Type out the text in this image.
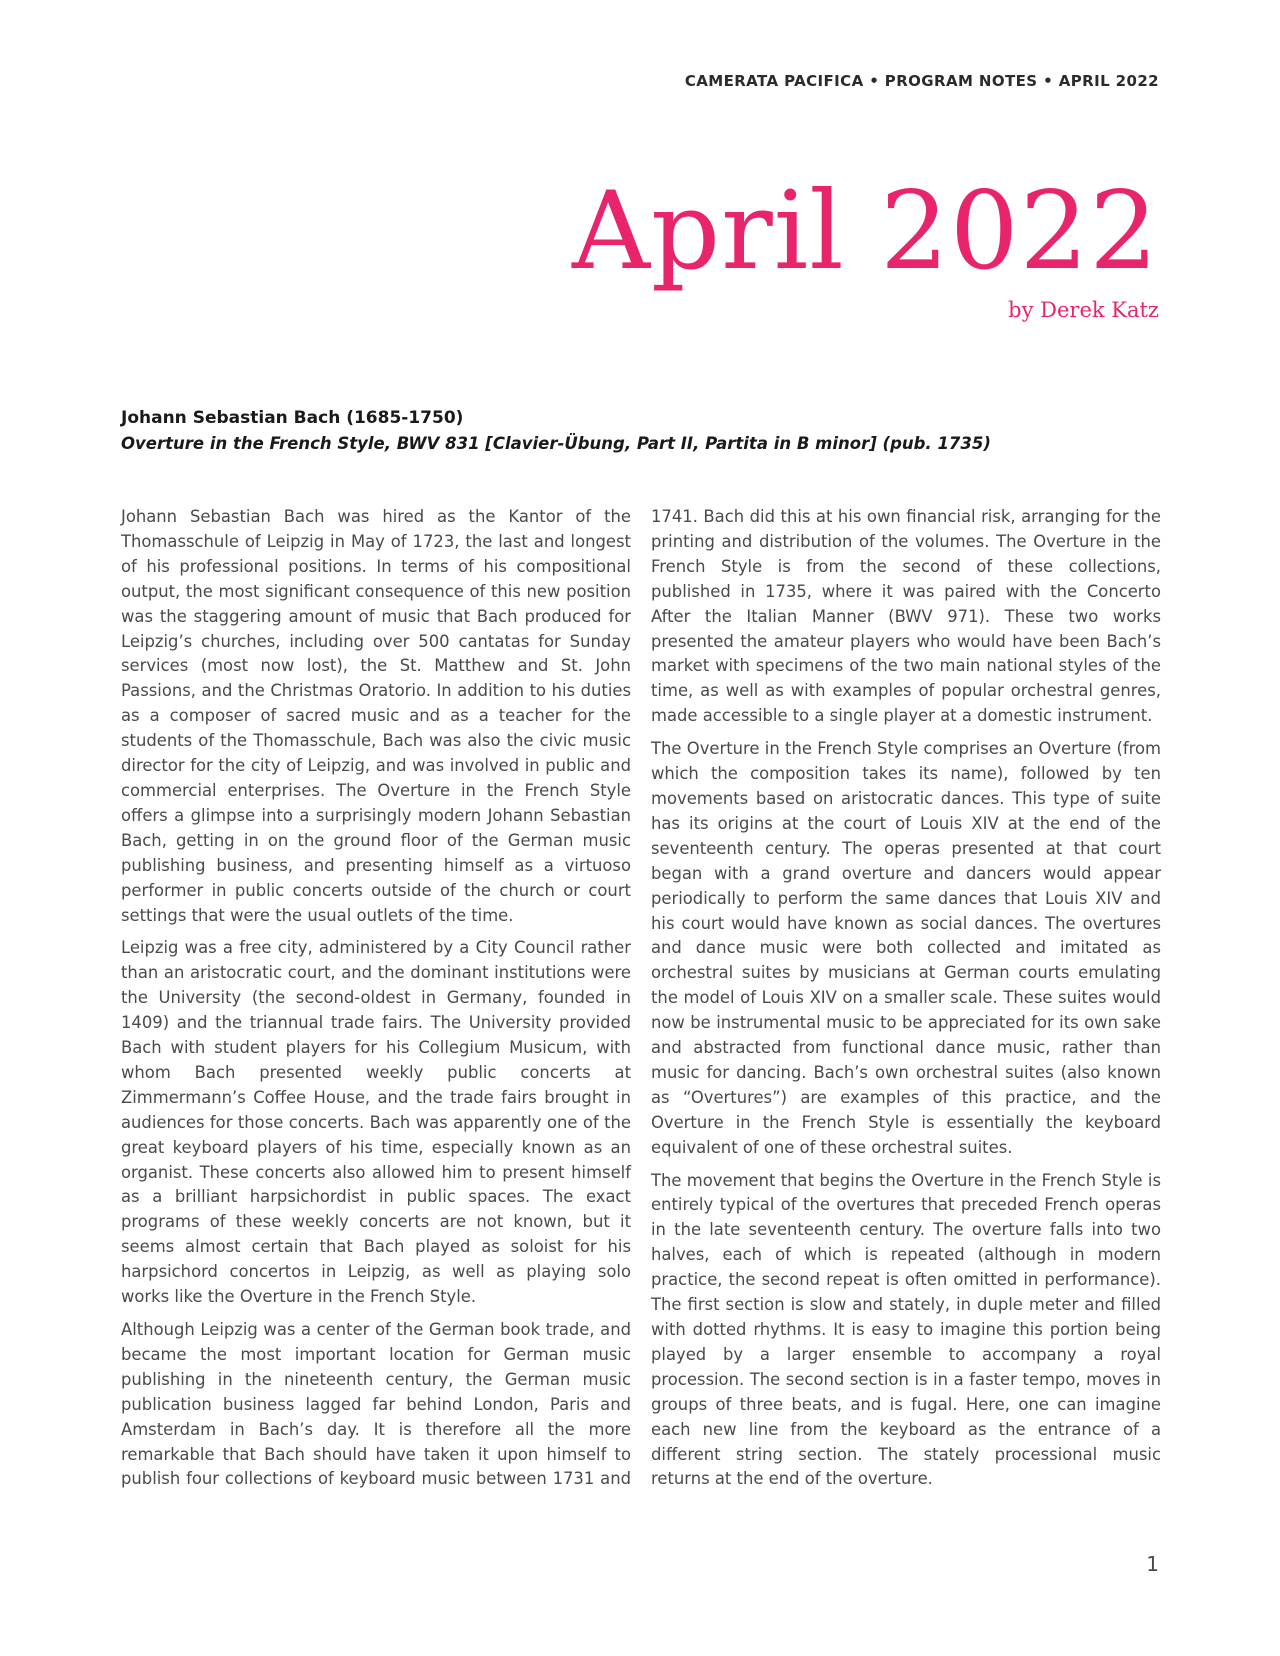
CAMERATA PACIFICA • PROGRAM NOTES • APRIL 2022
April 2022
by Derek Katz
Johann Sebastian Bach (1685-1750)
Overture in the French Style, BWV 831 [Clavier-Übung, Part II, Partita in B minor] (pub. 1735)

Johann Sebastian Bach was hired as the Kantor of the Thomasschule of Leipzig in May of 1723, the last and longest of his professional positions. In terms of his compositional output, the most significant consequence of this new position was the staggering amount of music that Bach produced for Leipzig’s churches, including over 500 cantatas for Sunday services (most now lost), the St. Matthew and St. John Passions, and the Christmas Oratorio. In addition to his duties as a composer of sacred music and as a teacher for the students of the Thomasschule, Bach was also the civic music director for the city of Leipzig, and was involved in public and commercial enterprises. The Overture in the French Style offers a glimpse into a surprisingly modern Johann Sebastian Bach, getting in on the ground floor of the German music publishing business, and presenting himself as a virtuoso performer in public concerts outside of the church or court settings that were the usual outlets of the time.

Leipzig was a free city, administered by a City Council rather than an aristocratic court, and the dominant institutions were the University (the second-oldest in Germany, founded in 1409) and the triannual trade fairs. The University provided Bach with student players for his Collegium Musicum, with whom Bach presented weekly public concerts at Zimmermann’s Coffee House, and the trade fairs brought in audiences for those concerts. Bach was apparently one of the great keyboard players of his time, especially known as an organist. These concerts also allowed him to present himself as a brilliant harpsichordist in public spaces. The exact programs of these weekly concerts are not known, but it seems almost certain that Bach played as soloist for his harpsichord concertos in Leipzig, as well as playing solo works like the Overture in the French Style.

Although Leipzig was a center of the German book trade, and became the most important location for German music publishing in the nineteenth century, the German music publication business lagged far behind London, Paris and Amsterdam in Bach’s day. It is therefore all the more remarkable that Bach should have taken it upon himself to publish four collections of keyboard music between 1731 and 1741. Bach did this at his own financial risk, arranging for the printing and distribution of the volumes. The Overture in the French Style is from the second of these collections, published in 1735, where it was paired with the Concerto After the Italian Manner (BWV 971). These two works presented the amateur players who would have been Bach’s market with specimens of the two main national styles of the time, as well as with examples of popular orchestral genres, made accessible to a single player at a domestic instrument.

The Overture in the French Style comprises an Overture (from which the composition takes its name), followed by ten movements based on aristocratic dances. This type of suite has its origins at the court of Louis XIV at the end of the seventeenth century. The operas presented at that court began with a grand overture and dancers would appear periodically to perform the same dances that Louis XIV and his court would have known as social dances. The overtures and dance music were both collected and imitated as orchestral suites by musicians at German courts emulating the model of Louis XIV on a smaller scale. These suites would now be instrumental music to be appreciated for its own sake and abstracted from functional dance music, rather than music for dancing. Bach’s own orchestral suites (also known as “Overtures”) are examples of this practice, and the Overture in the French Style is essentially the keyboard equivalent of one of these orchestral suites.

The movement that begins the Overture in the French Style is entirely typical of the overtures that preceded French operas in the late seventeenth century. The overture falls into two halves, each of which is repeated (although in modern practice, the second repeat is often omitted in performance). The first section is slow and stately, in duple meter and filled with dotted rhythms. It is easy to imagine this portion being played by a larger ensemble to accompany a royal procession. The second section is in a faster tempo, moves in groups of three beats, and is fugal. Here, one can imagine each new line from the keyboard as the entrance of a different string section. The stately processional music returns at the end of the overture.

1
